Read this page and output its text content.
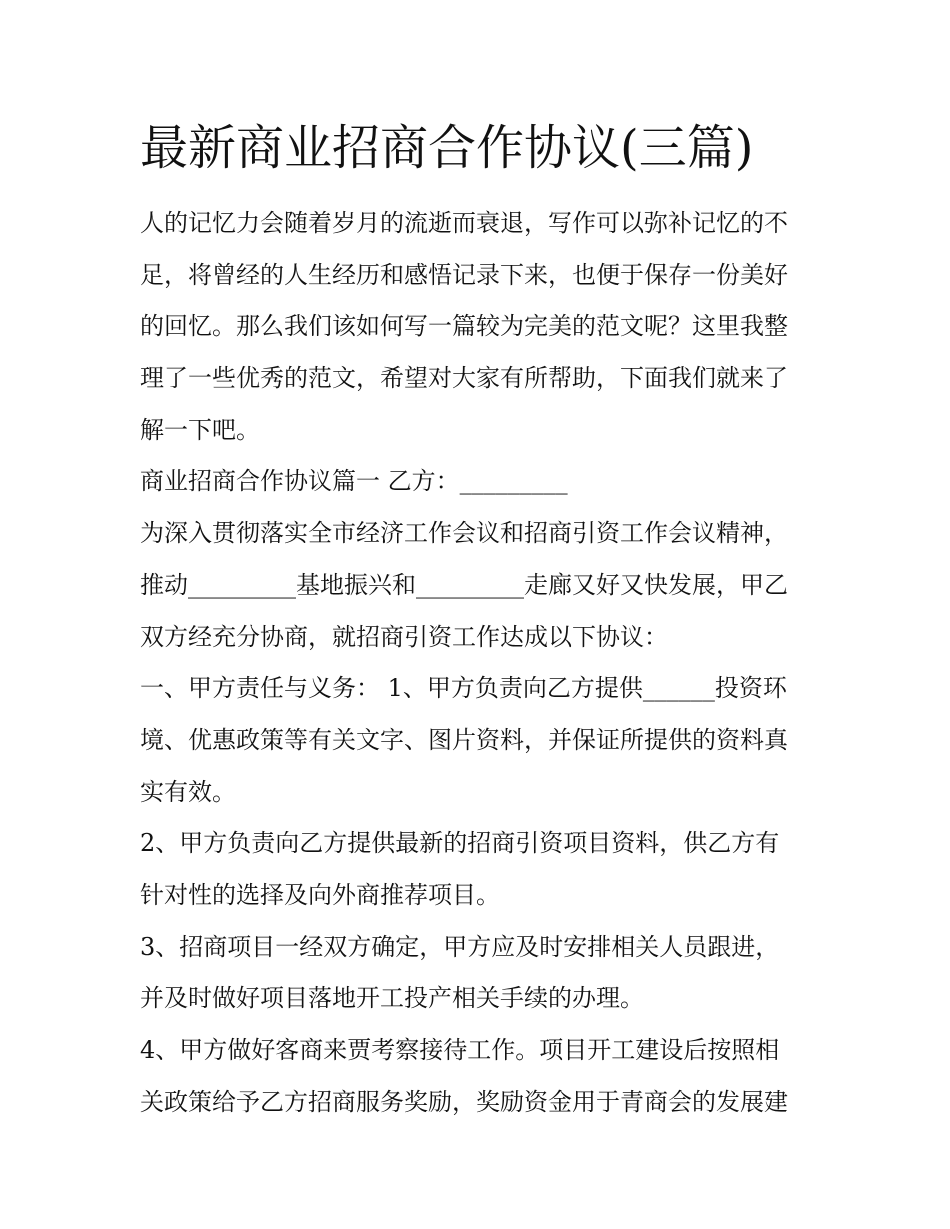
最新商业招商合作协议(三篇)

人的记忆力会随着岁月的流逝而衰退，写作可以弥补记忆的不
足，将曾经的人生经历和感悟记录下来，也便于保存一份美好
的回忆。那么我们该如何写一篇较为完美的范文呢？这里我整
理了一些优秀的范文，希望对大家有所帮助，下面我们就来了
解一下吧。

商业招商合作协议篇一 乙方：_________

为深入贯彻落实全市经济工作会议和招商引资工作会议精神，
推动_________基地振兴和_________走廊又好又快发展，甲乙
双方经充分协商，就招商引资工作达成以下协议：

一、甲方责任与义务： 1、甲方负责向乙方提供______投资环
境、优惠政策等有关文字、图片资料，并保证所提供的资料真
实有效。

2、甲方负责向乙方提供最新的招商引资项目资料，供乙方有
针对性的选择及向外商推荐项目。

3、招商项目一经双方确定，甲方应及时安排相关人员跟进，
并及时做好项目落地开工投产相关手续的办理。

4、甲方做好客商来贾考察接待工作。项目开工建设后按照相
关政策给予乙方招商服务奖励，奖励资金用于青商会的发展建
